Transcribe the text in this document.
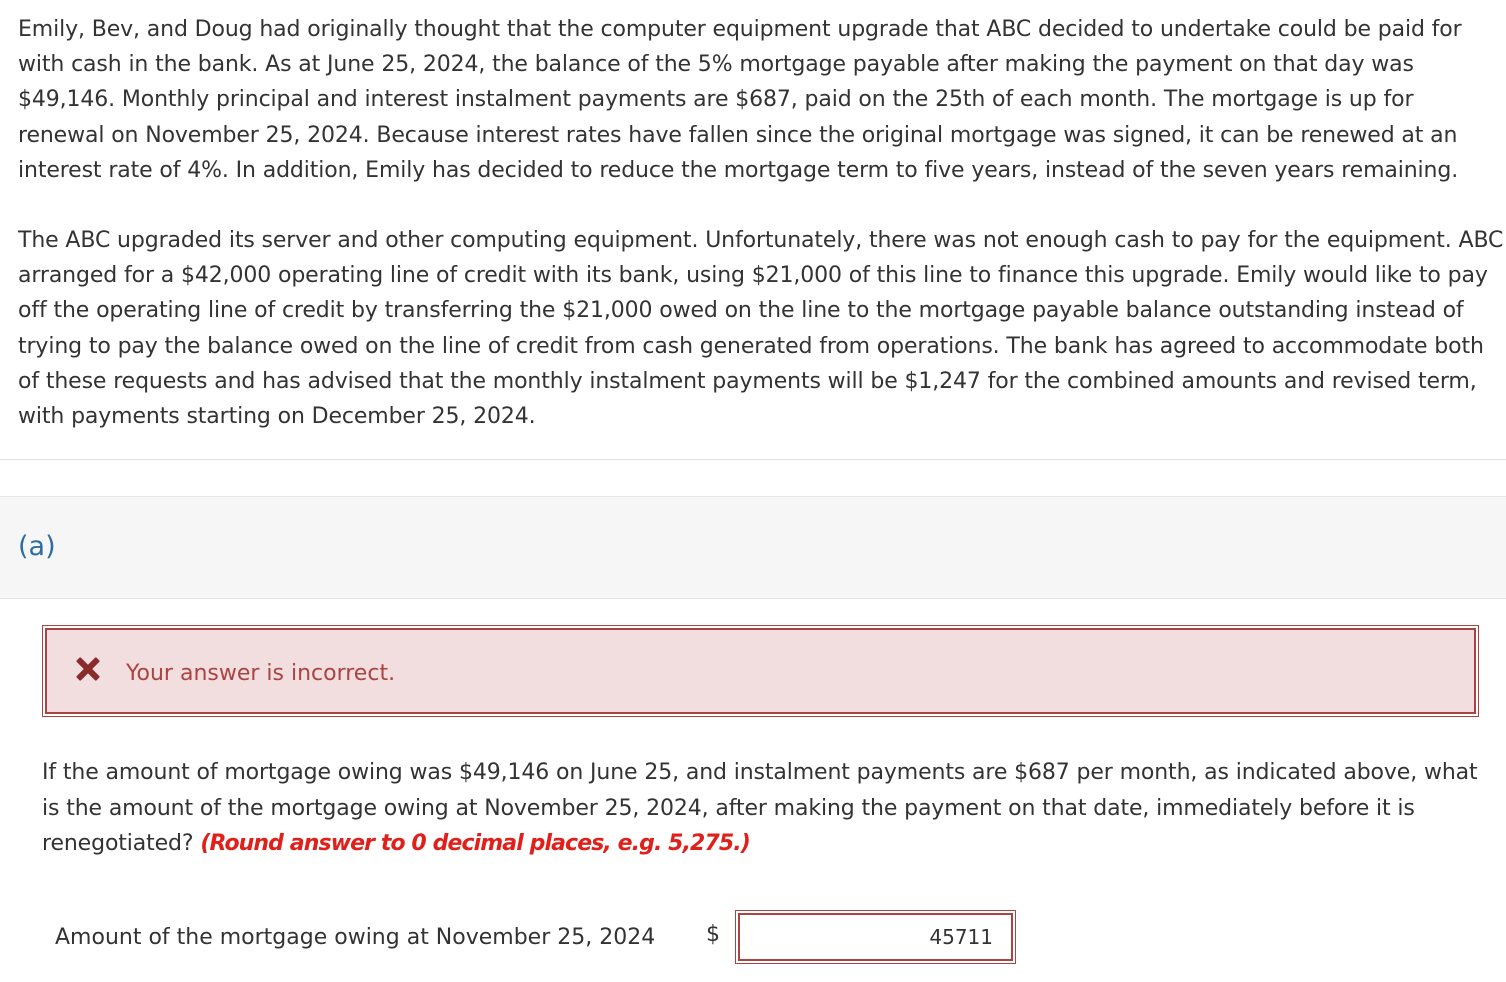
Emily, Bev, and Doug had originally thought that the computer equipment upgrade that ABC decided to undertake could be paid for with cash in the bank. As at June 25, 2024, the balance of the 5% mortgage payable after making the payment on that day was $49,146. Monthly principal and interest instalment payments are $687, paid on the 25th of each month. The mortgage is up for renewal on November 25, 2024. Because interest rates have fallen since the original mortgage was signed, it can be renewed at an interest rate of 4%. In addition, Emily has decided to reduce the mortgage term to five years, instead of the seven years remaining.

The ABC upgraded its server and other computing equipment. Unfortunately, there was not enough cash to pay for the equipment. ABC arranged for a $42,000 operating line of credit with its bank, using $21,000 of this line to finance this upgrade. Emily would like to pay off the operating line of credit by transferring the $21,000 owed on the line to the mortgage payable balance outstanding instead of trying to pay the balance owed on the line of credit from cash generated from operations. The bank has agreed to accommodate both of these requests and has advised that the monthly instalment payments will be $1,247 for the combined amounts and revised term, with payments starting on December 25, 2024.

(a)
Your answer is incorrect.

If the amount of mortgage owing was $49,146 on June 25, and instalment payments are $687 per month, as indicated above, what is the amount of the mortgage owing at November 25, 2024, after making the payment on that date, immediately before it is renegotiated? (Round answer to 0 decimal places, e.g. 5,275.)

Amount of the mortgage owing at November 25, 2024 $
45711
